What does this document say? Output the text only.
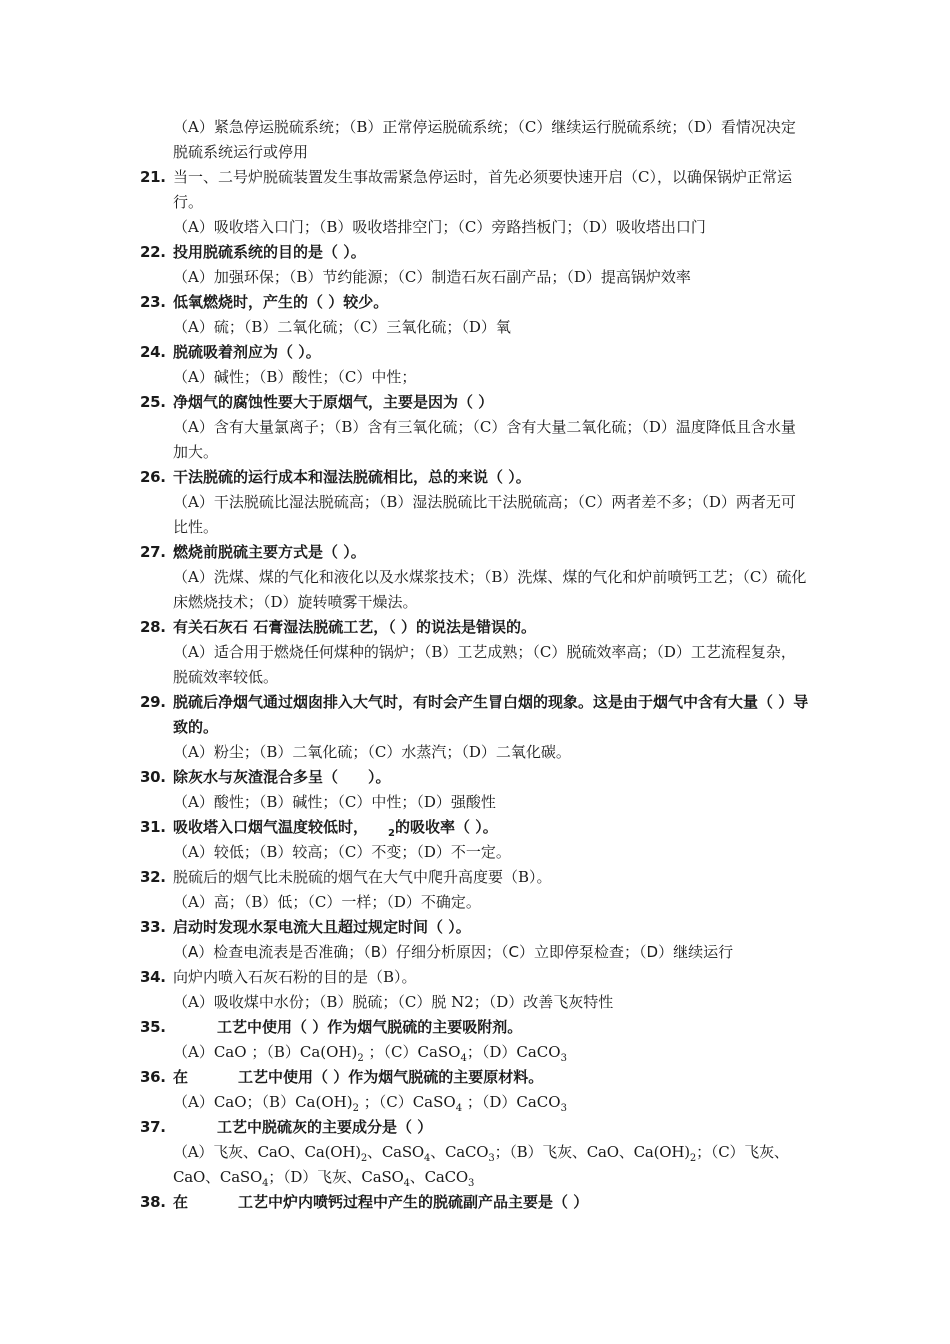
（A）紧急停运脱硫系统；（B）正常停运脱硫系统；（C）继续运行脱硫系统；（D）看情况决定脱硫系统运行或停用
21. 当一、二号炉脱硫装置发生事故需紧急停运时，首先必须要快速开启（C），以确保锅炉正常运行。
（A）吸收塔入口门；（B）吸收塔排空门；（C）旁路挡板门；（D）吸收塔出口门
22. 投用脱硫系统的目的是（ ）。
（A）加强环保；（B）节约能源；（C）制造石灰石副产品；（D）提高锅炉效率
23. 低氧燃烧时，产生的（ ）较少。
（A）硫；（B）二氧化硫；（C）三氧化硫；（D）氧
24. 脱硫吸着剂应为（ ）。
（A）碱性；（B）酸性；（C）中性；
25. 净烟气的腐蚀性要大于原烟气，主要是因为（ ）
（A）含有大量氯离子；（B）含有三氧化硫；（C）含有大量二氧化硫；（D）温度降低且含水量加大。
26. 干法脱硫的运行成本和湿法脱硫相比，总的来说（ ）。
（A）干法脱硫比湿法脱硫高；（B）湿法脱硫比干法脱硫高；（C）两者差不多；（D）两者无可比性。
27. 燃烧前脱硫主要方式是（ ）。
（A）洗煤、煤的气化和液化以及水煤浆技术；（B）洗煤、煤的气化和炉前喷钙工艺；（C）硫化床燃烧技术；（D）旋转喷雾干燥法。
28. 有关石灰石 石膏湿法脱硫工艺，（ ）的说法是错误的。
（A）适合用于燃烧任何煤种的锅炉；（B）工艺成熟；（C）脱硫效率高；（D）工艺流程复杂，脱硫效率较低。
29. 脱硫后净烟气通过烟囱排入大气时，有时会产生冒白烟的现象。这是由于烟气中含有大量（ ）导致的。
（A）粉尘；（B）二氧化硫；（C）水蒸汽；（D）二氧化碳。
30. 除灰水与灰渣混合多呈（　　）。
（A）酸性；（B）碱性；（C）中性；（D）强酸性
31. 吸收塔入口烟气温度较低时， $_2$的吸收率（ ）。
（A）较低；（B）较高；（C）不变；（D）不一定。
32. 脱硫后的烟气比未脱硫的烟气在大气中爬升高度要（B）。
（A）高；（B）低；（C）一样；（D）不确定。
33. 启动时发现水泵电流大且超过规定时间（ ）。
（A）检查电流表是否准确；（B）仔细分析原因；（C）立即停泵检查；（D）继续运行
34. 向炉内喷入石灰石粉的目的是（B）。
（A）吸收煤中水份；（B）脱硫；（C）脱 N2；（D）改善飞灰特性
35.	工艺中使用（ ）作为烟气脱硫的主要吸附剂。
（A）CaO ；$(B)Ca(OH)_2$ ；（C）CaSO$_4$；（D）CaCO$_3$
36. 在	工艺中使用（ ）作为烟气脱硫的主要原材料。
（A）CaO；$(B)Ca(OH)_2$ ；（C）CaSO$_4$ ；（D）CaCO$_3$
37.	工艺中脱硫灰的主要成分是（ ）
（A）飞灰、CaO、$Ca(OH)_2$、CaSO$_4$、CaCO$_3$；（B）飞灰、CaO、$Ca(OH)_2$；（C）飞灰、
CaO、CaSO$_4$；（D）飞灰、CaSO$_4$、CaCO$_3$
38. 在	工艺中炉内喷钙过程中产生的脱硫副产品主要是（ ）
